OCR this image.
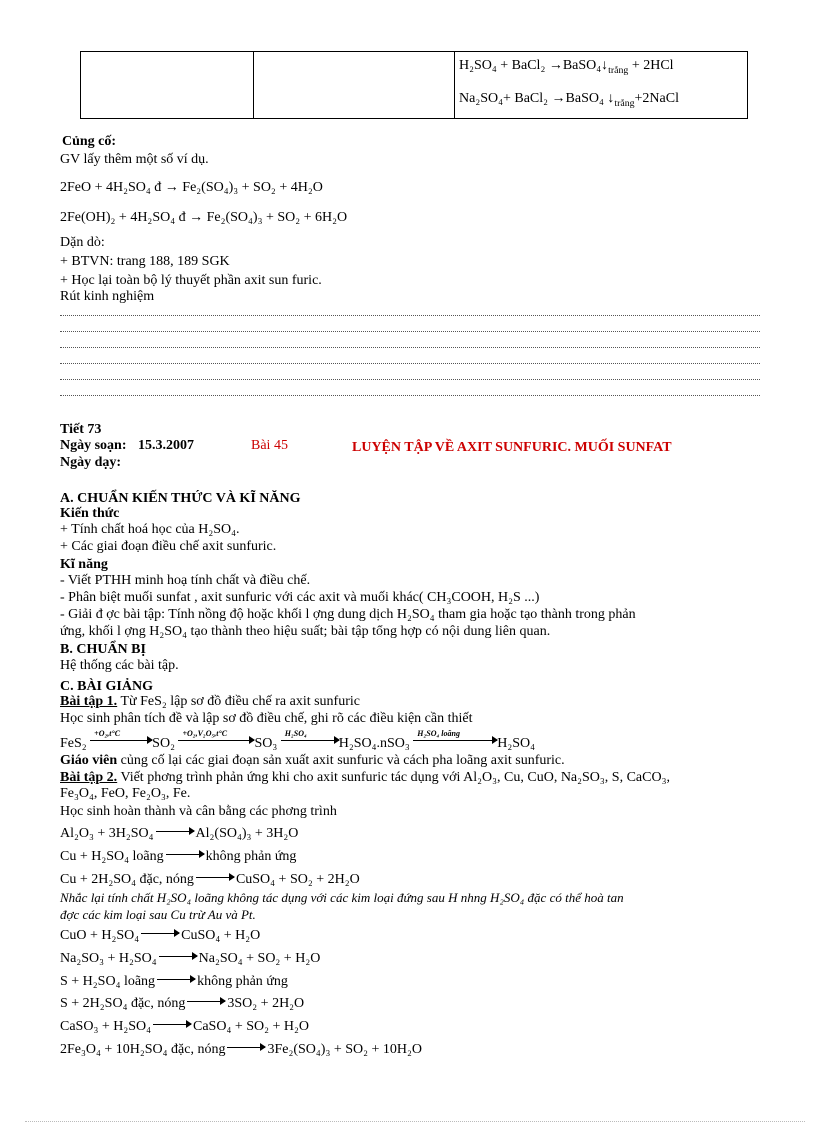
H₂SO₄ + BaCl₂ $\to BaSO_4↓_{trắng} + 2HCl$
Na₂SO₄+ BaCl₂ →BaSO₄ $↓_{trắng}+2NaCl$
Củng cố:
GV lấy thêm một số ví dụ.
2FeO + 4H₂SO₄ đ → Fe₂(SO₄)₃ + SO₂ + 4H₂O
2Fe(OH)₂ + 4H₂SO₄ đ → Fe₂(SO₄)₃ + SO₂ + 6H₂O
Dặn dò:
+ BTVN: trang 188, 189 SGK
+ Học lại toàn bộ lý thuyết phần axit sun furic.
Rút kinh nghiệm
Tiết 73
Ngày soạn: 15.3.2007	Bài 45	LUYỆN TẬP VỀ AXIT SUNFURIC. MUỐI SUNFAT
Ngày dạy:
A. CHUẨN KIẾN THỨC VÀ KĨ NĂNG
Kiến thức
+ Tính chất hoá học của H₂SO₄.
+ Các giai đoạn điều chế axit sunfuric.
Kĩ năng
- Viết PTHH minh hoạ tính chất và điều chế.
- Phân biệt muối sunfat , axit sunfuric với các axit và muối khác( CH₃COOH, H₂S ...)
- Giải đ ợc bài tập: Tính nồng độ hoặc khối l ợng dung dịch H₂SO₄ tham gia hoặc tạo thành trong phản
ứng, khối l ợng H₂SO₄ tạo thành theo hiệu suất; bài tập tổng hợp có nội dung liên quan.
B. CHUẨN BỊ
Hệ thống các bài tập.
C. BÀI GIẢNG
Bài tập 1. Từ FeS₂ lập sơ đồ điều chế ra axit sunfuric
Học sinh phân tích đề và lập sơ đồ điều chế, ghi rõ các điều kiện cần thiết
FeS₂
+O₂,t°C
SO₂
+O₂,V₂O₅,t°C
SO₃
H₂SO₄
H₂SO₄.nSO₃
H₂SO₄ loãng
H₂SO₄
Giáo viên củng cố lại các giai đoạn sản xuất axit sunfuric và cách pha loãng axit sunfuric.
Bài tập 2. Viết phơng trình phản ứng khi cho axit sunfuric tác dụng với Al₂O₃, Cu, CuO, Na₂SO₃, S, CaCO₃,
Fe₃O₄, FeO, Fe₂O₃, Fe.
Học sinh hoàn thành và cân bằng các phơng trình
Al₂O₃ + 3H₂SO₄	Al₂(SO₄)₃ + 3H₂O
Cu + H₂SO₄ loãng	không phản ứng
Cu + 2H₂SO₄ đặc, nóng	CuSO₄ + SO₂ + 2H₂O
Nhắc lại tính chất H₂SO₄ loãng không tác dụng với các kim loại đứng sau H nhng H₂SO₄ đặc có thể hoà tan
đợc các kim loại sau Cu trừ Au và Pt.
CuO + H₂SO₄	CuSO₄ + H₂O
Na₂SO₃ + H₂SO₄	Na₂SO₄ + SO₂ + H₂O
S + H₂SO₄ loãng	không phản ứng
S + 2H₂SO₄ đặc, nóng	3SO₂ + 2H₂O
CaSO₃ + H₂SO₄	CaSO₄ + SO₂ + H₂O
2Fe₃O₄ + 10H₂SO₄ đặc, nóng	3Fe₂(SO₄)₃ + SO₂ + 10H₂O
